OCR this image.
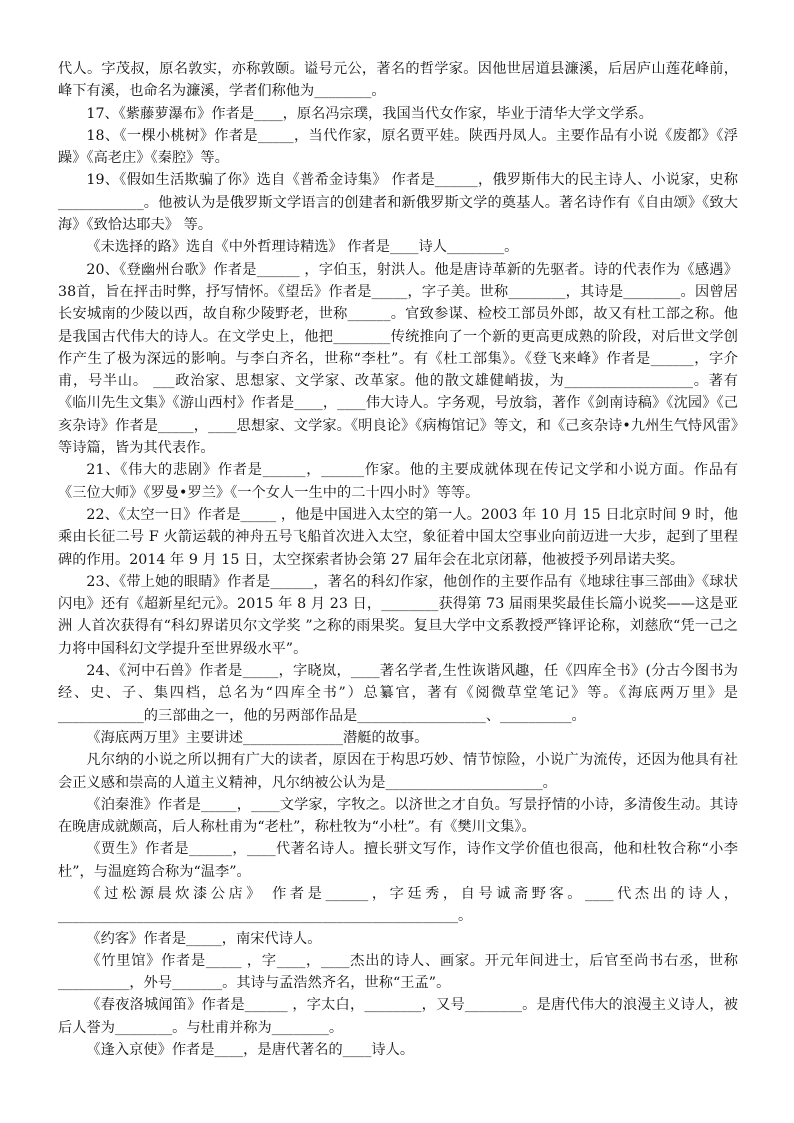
代人。字茂叔，原名敦实，亦称敦颐。谥号元公，著名的哲学家。因他世居道县濂溪，后居庐山莲花峰前，峰下有溪，也命名为濂溪，学者们称他为________。

17、《紫藤萝瀑布》作者是____，原名冯宗璞，我国当代女作家，毕业于清华大学文学系。

18、《一棵小桃树》作者是_____，当代作家，原名贾平娃。陕西丹凤人。主要作品有小说《废都》《浮躁》《高老庄》《秦腔》等。

19、《假如生活欺骗了你》选自《普希金诗集》 作者是______，俄罗斯伟大的民主诗人、小说家，史称____________。他被认为是俄罗斯文学语言的创建者和新俄罗斯文学的奠基人。著名诗作有《自由颂》《致大海》《致恰达耶夫》 等。

《未选择的路》选自《中外哲理诗精选》 作者是____诗人________。

20、《登幽州台歌》作者是______ ，字伯玉，射洪人。他是唐诗革新的先驱者。诗的代表作为《感遇》38首，旨在抨击时弊，抒写情怀。《望岳》作者是_____，字子美。世称________，其诗是________。因曾居长安城南的少陵以西，故自称少陵野老，世称______。官致参谋、检校工部员外郎，故又有杜工部之称。他是我国古代伟大的诗人。在文学史上，他把________传统推向了一个新的更高更成熟的阶段，对后世文学创作产生了极为深远的影响。与李白齐名，世称“李杜”。有《杜工部集》。《登飞来峰》作者是______，字介甫，号半山。 ___政治家、思想家、文学家、改革家。他的散文雄健峭拔，为__________________。著有《临川先生文集》《游山西村》作者是____，____伟大诗人。字务观，号放翁，著作《剑南诗稿》《沈园》《己亥杂诗》作者是_____，____思想家、文学家。《明良论》《病梅馆记》等文，和《己亥杂诗•九州生气恃风雷》等诗篇，皆为其代表作。

21、《伟大的悲剧》作者是______，______作家。他的主要成就体现在传记文学和小说方面。作品有《三位大师》《罗曼•罗兰》《一个女人一生中的二十四小时》等等。

22、《太空一日》作者是_____ ，他是中国进入太空的第一人。2003 年 10 月 15 日北京时间 9 时，他乘由长征二号 F 火箭运载的神舟五号飞船首次进入太空，象征着中国太空事业向前迈进一大步，起到了里程碑的作用。2014 年 9 月 15 日，太空探索者协会第 27 届年会在北京闭幕，他被授予列昂诺夫奖。

23、《带上她的眼睛》作者是______，著名的科幻作家，他创作的主要作品有《地球往事三部曲》《球状闪电》还有《超新星纪元》。2015 年 8 月 23 日，________获得第 73 届雨果奖最佳长篇小说奖——这是亚洲 人首次获得有“科幻界诺贝尔文学奖 ”之称的雨果奖。复旦大学中文系教授严锋评论称，刘慈欣“凭一己之力将中国科幻文学提升至世界级水平”。

24、《河中石兽》作者是_____，字晓岚，____著名学者,生性诙谐风趣，任《四库全书》(分古今图书为经、史、子、集四档，总名为“四库全书”）总纂官，著有《阅微草堂笔记》等。《海底两万里》是____________的三部曲之一，他的另两部作品是__________________、__________。

《海底两万里》主要讲述______________潜艇的故事。

凡尔纳的小说之所以拥有广大的读者，原因在于构思巧妙、情节惊险，小说广为流传，还因为他具有社会正义感和崇高的人道主义精神，凡尔纳被公认为是______________________。

《泊秦淮》作者是_____，____文学家，字牧之。以济世之才自负。写景抒情的小诗，多清俊生动。其诗在晚唐成就颇高，后人称杜甫为“老杜”，称杜牧为“小杜”。有《樊川文集》。

《贾生》作者是______，____代著名诗人。擅长骈文写作，诗作文学价值也很高，他和杜牧合称“小李杜”，与温庭筠合称为“温李”。

《过松源晨炊漆公店》 作者是______，字廷秀，自号诚斋野客。____代杰出的诗人，________________________________________________________。

《约客》作者是_____，南宋代诗人。

《竹里馆》作者是_____ ，字____，____杰出的诗人、画家。开元年间进士，后官至尚书右丞，世称__________，外号_______。其诗与孟浩然齐名，世称“王孟”。

《春夜洛城闻笛》作者是______ ，字太白，________，又号________。是唐代伟大的浪漫主义诗人，被后人誉为________。与杜甫并称为________。

《逢入京使》作者是____，是唐代著名的____诗人。
